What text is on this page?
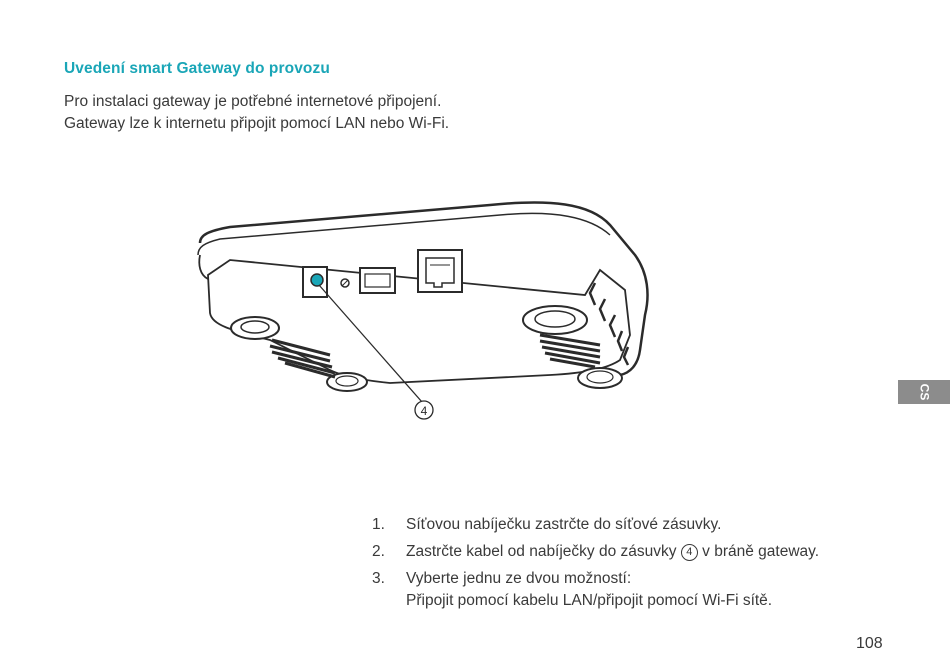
Uvedení smart Gateway do provozu

Pro instalaci gateway je potřebné internetové připojení.

Gateway lze k internetu připojit pomocí LAN nebo Wi-Fi.

4
1. Síťovou nabíječku zastrčte do síťové zásuvky.
2. Zastrčte kabel od nabíječky do zásuvky 4 v bráně gateway.
3. Vyberte jednu ze dvou možností:
Připojit pomocí kabelu LAN/připojit pomocí Wi-Fi sítě.
CS
108
